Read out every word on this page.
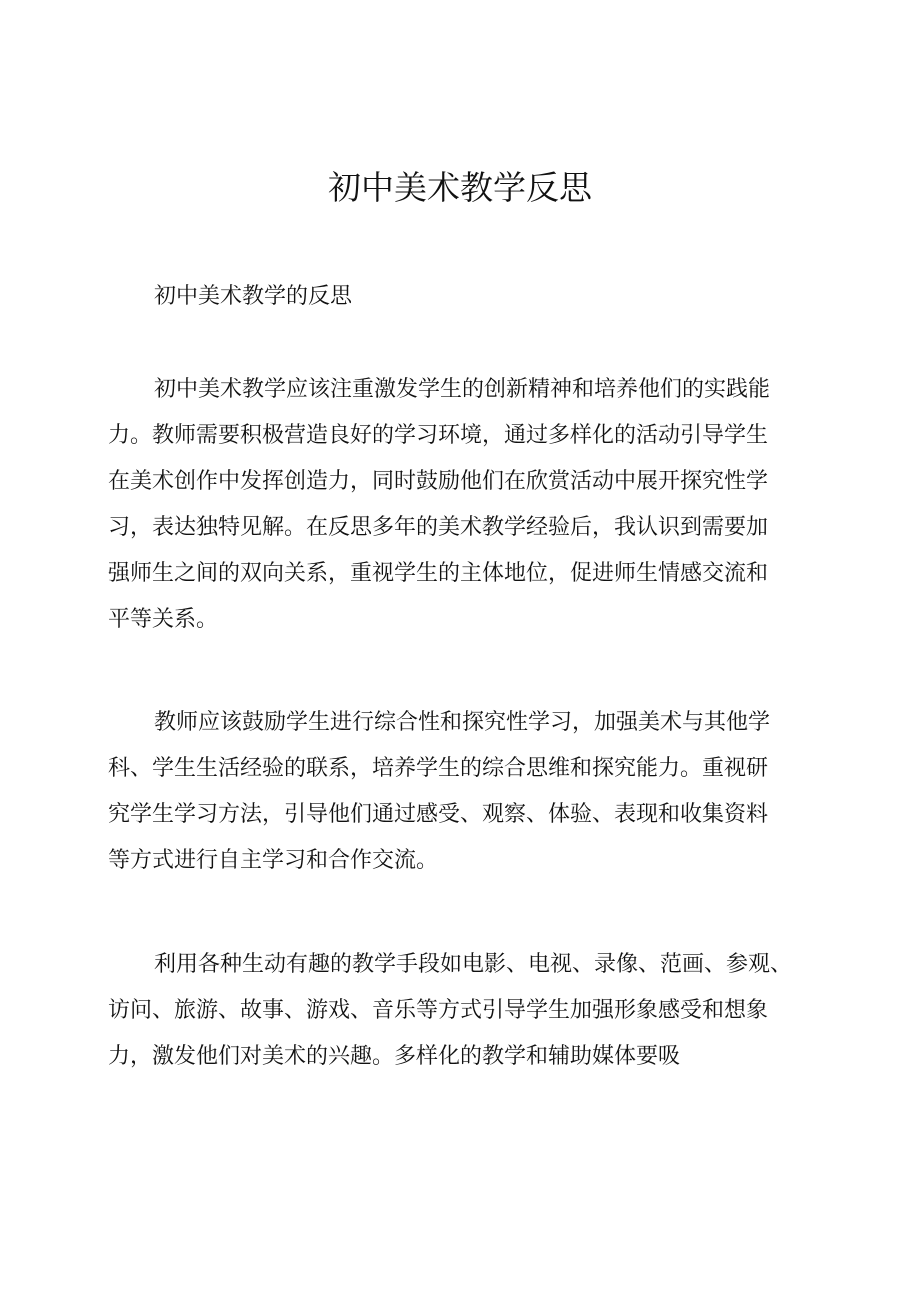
初中美术教学反思

初中美术教学的反思

初中美术教学应该注重激发学生的创新精神和培养他们的实践能
力。教师需要积极营造良好的学习环境，通过多样化的活动引导学生
在美术创作中发挥创造力，同时鼓励他们在欣赏活动中展开探究性学
习，表达独特见解。在反思多年的美术教学经验后，我认识到需要加
强师生之间的双向关系，重视学生的主体地位，促进师生情感交流和
平等关系。
教师应该鼓励学生进行综合性和探究性学习，加强美术与其他学
科、学生生活经验的联系，培养学生的综合思维和探究能力。重视研
究学生学习方法，引导他们通过感受、观察、体验、表现和收集资料
等方式进行自主学习和合作交流。
利用各种生动有趣的教学手段如电影、电视、录像、范画、参观、
访问、旅游、故事、游戏、音乐等方式引导学生加强形象感受和想象
力，激发他们对美术的兴趣。多样化的教学和辅助媒体要吸
